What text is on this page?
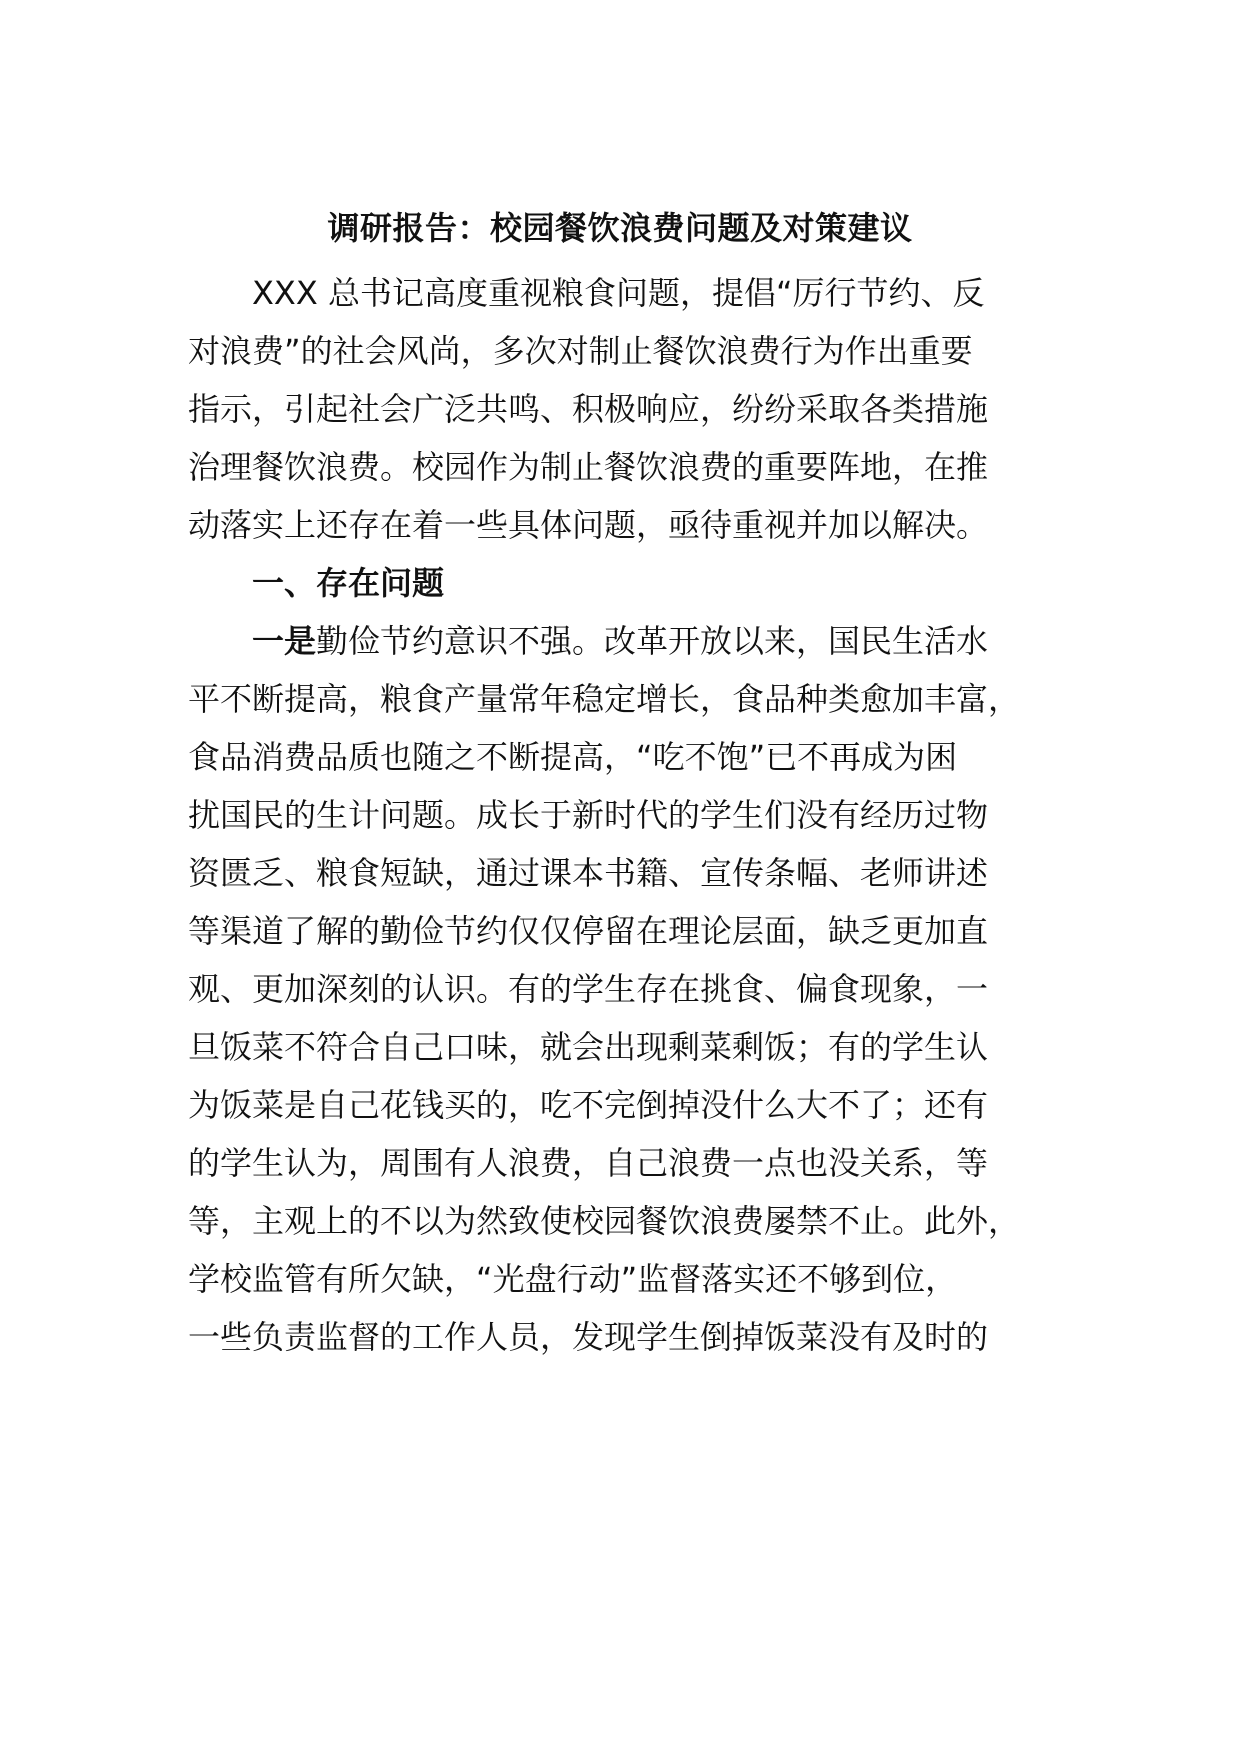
调研报告：校园餐饮浪费问题及对策建议
XXX 总书记高度重视粮食问题，提倡“厉行节约、反
对浪费”的社会风尚，多次对制止餐饮浪费行为作出重要
指示，引起社会广泛共鸣、积极响应，纷纷采取各类措施
治理餐饮浪费。校园作为制止餐饮浪费的重要阵地，在推
动落实上还存在着一些具体问题，亟待重视并加以解决。
一、存在问题
一是勤俭节约意识不强。改革开放以来，国民生活水
平不断提高，粮食产量常年稳定增长，食品种类愈加丰富，
食品消费品质也随之不断提高，“吃不饱”已不再成为困
扰国民的生计问题。成长于新时代的学生们没有经历过物
资匮乏、粮食短缺，通过课本书籍、宣传条幅、老师讲述
等渠道了解的勤俭节约仅仅停留在理论层面，缺乏更加直
观、更加深刻的认识。有的学生存在挑食、偏食现象，一
旦饭菜不符合自己口味，就会出现剩菜剩饭；有的学生认
为饭菜是自己花钱买的，吃不完倒掉没什么大不了；还有
的学生认为，周围有人浪费，自己浪费一点也没关系，等
等，主观上的不以为然致使校园餐饮浪费屡禁不止。此外，
学校监管有所欠缺，“光盘行动”监督落实还不够到位，
一些负责监督的工作人员，发现学生倒掉饭菜没有及时的
